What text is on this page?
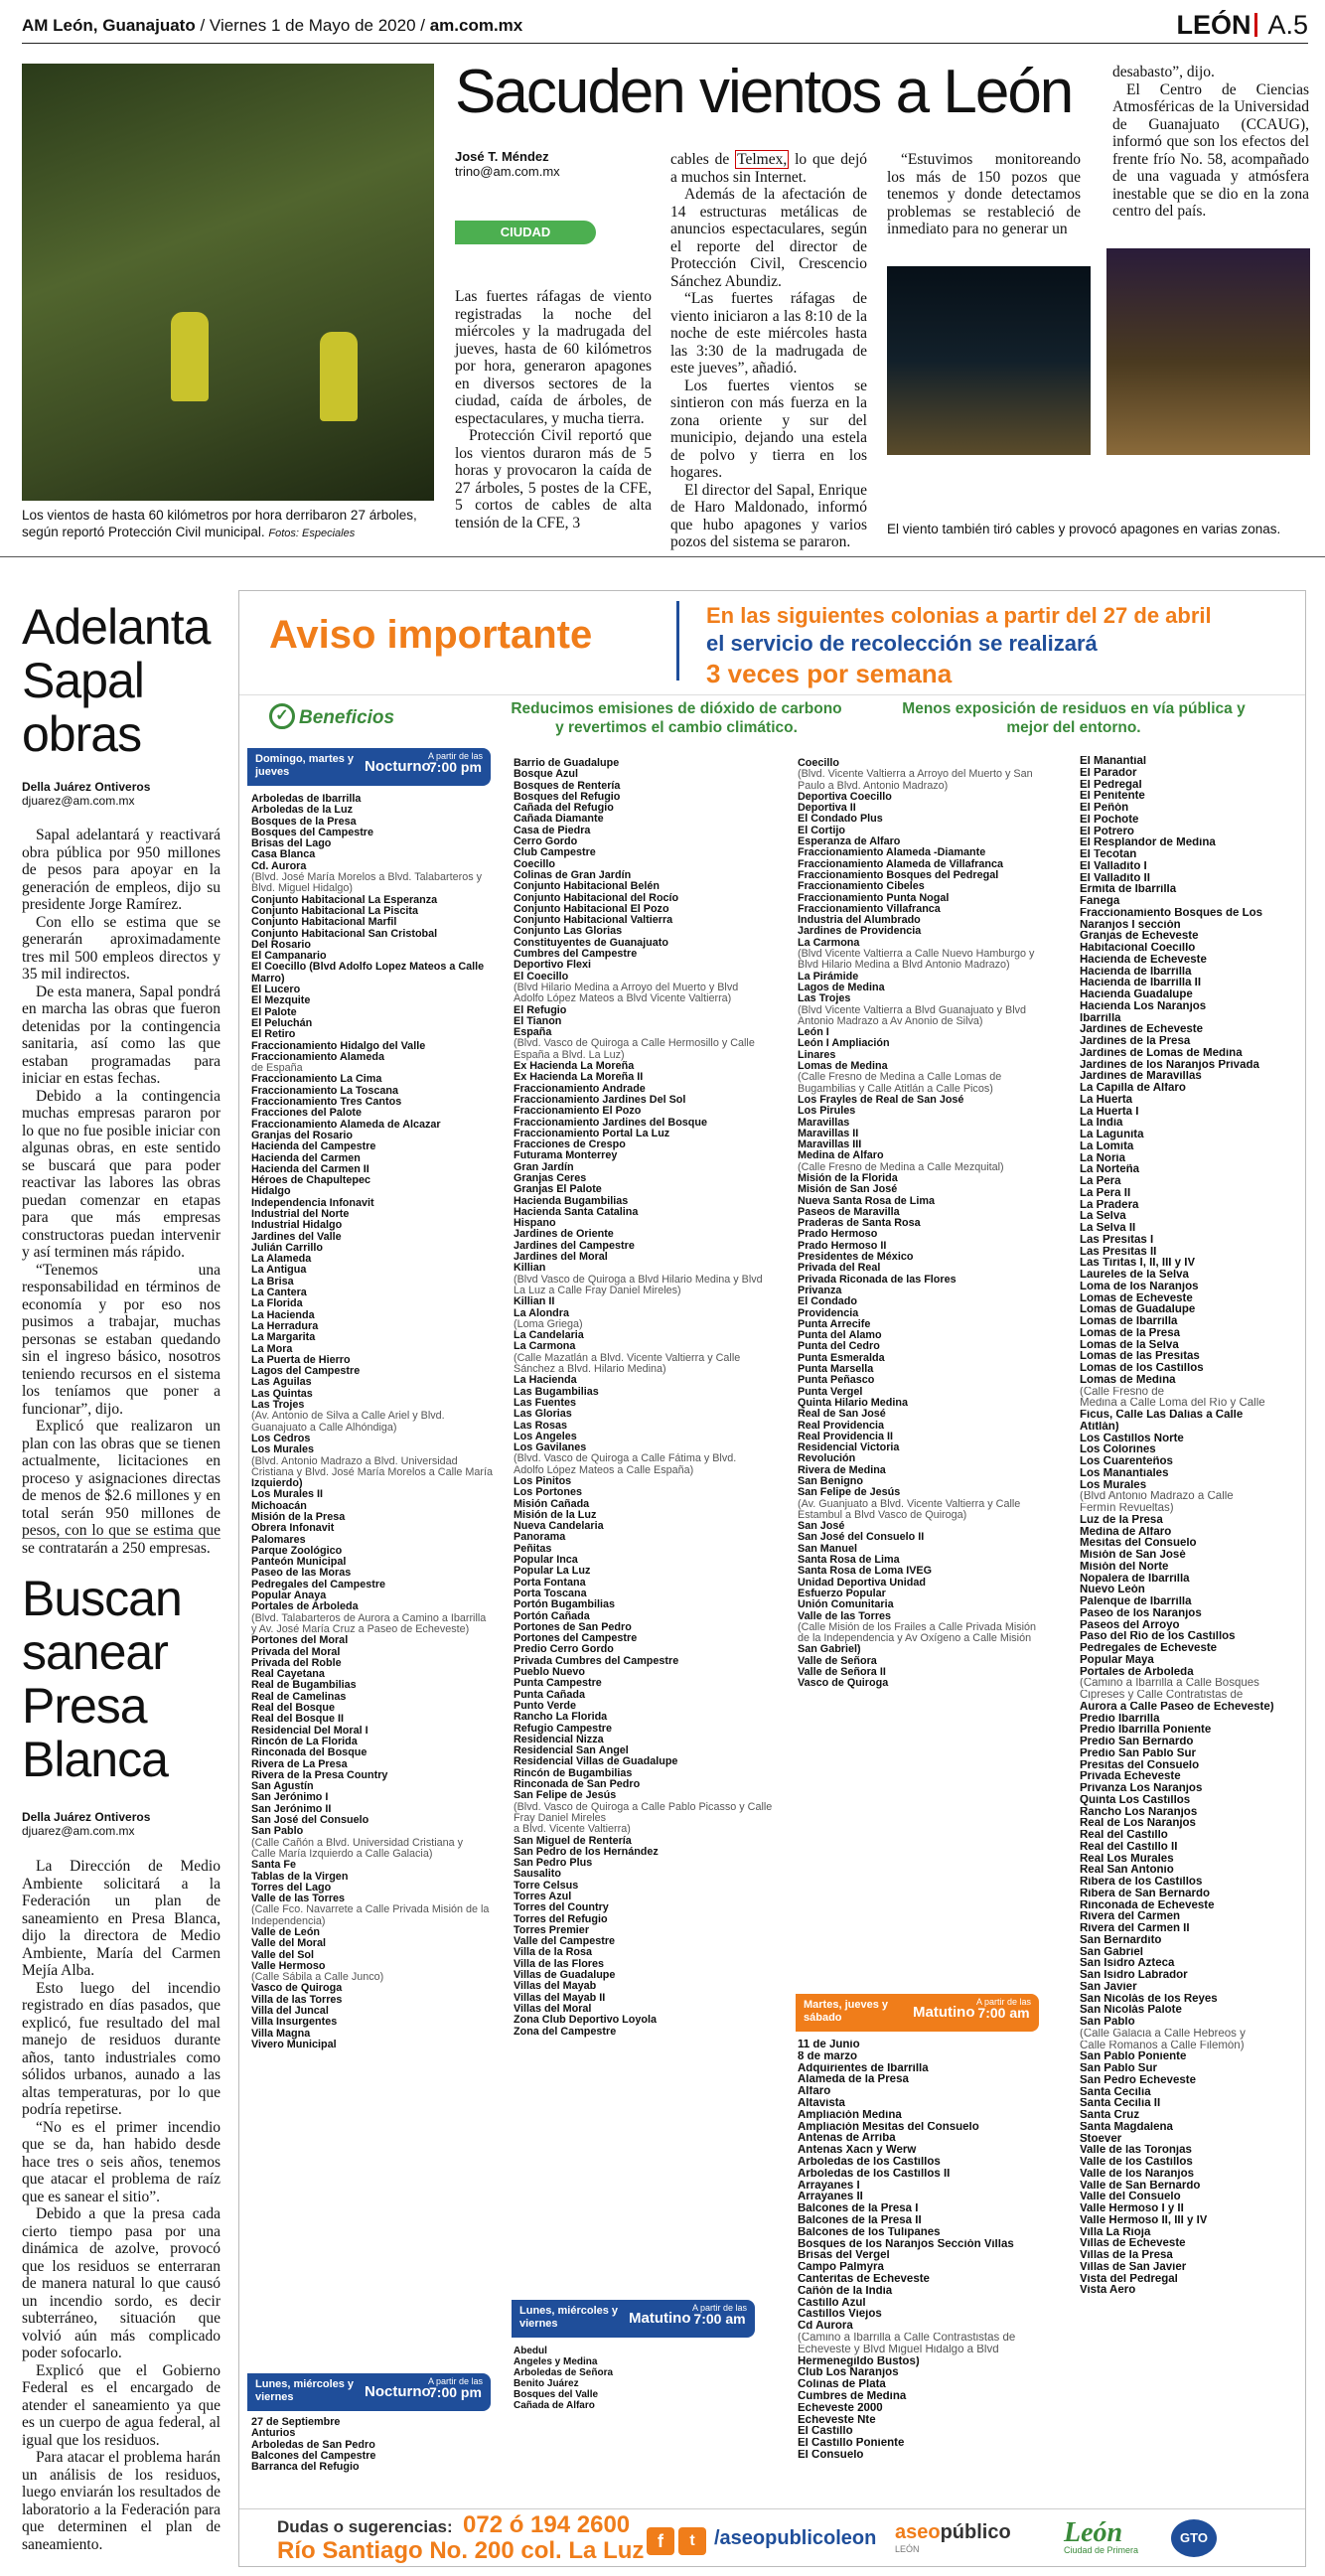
AM León, Guanajuato / Viernes 1 de Mayo de 2020 / am.com.mx	LEÓN A.5
Los vientos de hasta 60 kilómetros por hora derribaron 27 árboles, según reportó Protección Civil municipal. Fotos: Especiales
Sacuden vientos a León
José T. Méndez
trino@am.com.mx
CIUDAD

Las fuertes ráfagas de viento registradas la noche del miércoles y la madrugada del jueves, hasta de 60 kilómetros por hora, generaron apagones en diversos sectores de la ciudad, caída de árboles, de espectaculares, y mucha tierra.

Protección Civil reportó que los vientos duraron más de 5 horas y provocaron la caída de 27 árboles, 5 postes de la CFE, 5 cortos de cables de alta tensión de la CFE, 3

cables de Telmex, lo que dejó a muchos sin Internet.

Además de la afectación de 14 estructuras metálicas de anuncios espectaculares, según el reporte del director de Protección Civil, Crescencio Sánchez Abundiz.

“Las fuertes ráfagas de viento iniciaron a las 8:10 de la noche de este miércoles hasta las 3:30 de la madrugada de este jueves”, añadió.

Los fuertes vientos se sintieron con más fuerza en la zona oriente y sur del municipio, dejando una estela de polvo y tierra en los hogares.

El director del Sapal, Enrique de Haro Maldonado, informó que hubo apagones y varios pozos del sistema se pararon.

“Estuvimos monitoreando los más de 150 pozos que tenemos y donde detectamos problemas se restableció de inmediato para no generar un

desabasto”, dijo.

El Centro de Ciencias Atmosféricas de la Universidad de Guanajuato (CCAUG), informó que son los efectos del frente frío No. 58, acompañado de una vaguada y atmósfera inestable que se dio en la zona centro del país.

El viento también tiró cables y provocó apagones en varias zonas.
Adelanta Sapal obras
Della Juárez Ontiveros
djuarez@am.com.mx

Sapal adelantará y reactivará obra pública por 950 millones de pesos para apoyar en la generación de empleos, dijo su presidente Jorge Ramírez.

Con ello se estima que se generarán aproximadamente tres mil 500 empleos directos y 35 mil indirectos.

De esta manera, Sapal pondrá en marcha las obras que fueron detenidas por la contingencia sanitaria, así como las que estaban programadas para iniciar en estas fechas.

Debido a la contingencia muchas empresas pararon por lo que no fue posible iniciar con algunas obras, en este sentido se buscará que para poder reactivar las labores las obras puedan comenzar en etapas para que más empresas constructoras puedan intervenir y así terminen más rápido.

“Tenemos una responsabilidad en términos de economía y por eso nos pusimos a trabajar, muchas personas se estaban quedando sin el ingreso básico, nosotros teniendo recursos en el sistema los teníamos que poner a funcionar”, dijo.

Explicó que realizaron un plan con las obras que se tienen actualmente, licitaciones en proceso y asignaciones directas de menos de $2.6 millones y en total serán 950 millones de pesos, con lo que se estima que se contratarán a 250 empresas.

Buscan sanear Presa Blanca
Della Juárez Ontiveros
djuarez@am.com.mx

La Dirección de Medio Ambiente solicitará a la Federación un plan de saneamiento en Presa Blanca, dijo la directora de Medio Ambiente, María del Carmen Mejía Alba.

Esto luego del incendio registrado en días pasados, que explicó, fue resultado del mal manejo de residuos durante años, tanto industriales como sólidos urbanos, aunado a las altas temperaturas, por lo que podría repetirse.

“No es el primer incendio que se da, han habido desde hace tres o seis años, tenemos que atacar el problema de raíz que es sanear el sitio”.

Debido a que la presa cada cierto tiempo pasa por una dinámica de azolve, provocó que los residuos se enterraran de manera natural lo que causó un incendio sordo, es decir subterráneo, situación que volvió aún más complicado poder sofocarlo.

Explicó que el Gobierno Federal es el encargado de atender el saneamiento ya que es un cuerpo de agua federal, al igual que los residuos.

Para atacar el problema harán un análisis de los residuos, luego enviarán los resultados de laboratorio a la Federación para que determinen el plan de saneamiento.

Aviso importante	En las siguientes colonias a partir del 27 de abril
el servicio de recolección se realizará
3 veces por semana
✓ Beneficios	Reducimos emisiones de dióxido de carbono y revertimos el cambio climático.
Menos exposición de residuos en vía pública y mejor del entorno.
Domingo, martes y jueves	Nocturno
A partir de las
7:00 pm
Arboledas de Ibarrilla
Arboledas de la Luz
Bosques de la Presa
Bosques del Campestre
Brisas del Lago
Casa Blanca
Cd. Aurora
(Blvd. José María Morelos a Blvd. Talabarteros y
Blvd. Miguel Hidalgo)
Conjunto Habitacional La Esperanza
Conjunto Habitacional La Piscita
Conjunto Habitacional Marfil
Conjunto Habitacional San Cristobal
Del Rosario
El Campanario
El Coecillo (Blvd Adolfo Lopez Mateos a Calle
Marro)
El Lucero
El Mezquite
El Palote
El Peluchán
El Retiro
Fraccionamiento Hidalgo del Valle
Fraccionamiento Alameda
de España
Fraccionamiento La Cima
Fraccionamiento La Toscana
Fraccionamiento Tres Cantos
Fracciones del Palote
Fraccionamiento Alameda de Alcazar
Granjas del Rosario
Hacienda del Campestre
Hacienda del Carmen
Hacienda del Carmen II
Héroes de Chapultepec
Hidalgo
Independencia Infonavit
Industrial del Norte
Industrial Hidalgo
Jardines del Valle
Julián Carrillo
La Alameda
La Antigua
La Brisa
La Cantera
La Florida
La Hacienda
La Herradura
La Margarita
La Mora
La Puerta de Hierro
Lagos del Campestre
Las Águilas
Las Quintas
Las Trojes
(Av. Antonio de Silva a Calle Ariel y Blvd.
Guanajuato a Calle Alhóndiga)
Los Cedros
Los Murales
(Blvd. Antonio Madrazo a Blvd. Universidad
Cristiana y Blvd. José María Morelos a Calle María
Izquierdo)
Los Murales II
Michoacán
Misión de la Presa
Obrera Infonavit
Palomares
Parque Zoológico
Panteón Municipal
Paseo de las Moras
Pedregales del Campestre
Popular Anaya
Portales de Arboleda
(Blvd. Talabarteros de Aurora a Camino a Ibarrilla
y Av. José María Cruz a Paseo de Echeveste)
Portones del Moral
Privada del Moral
Privada del Roble
Real Cayetana
Real de Bugambilias
Real de Camelinas
Real del Bosque
Real del Bosque II
Residencial Del Moral I
Rincón de La Florida
Rinconada del Bosque
Rivera de La Presa
Rivera de la Presa Country
San Agustín
San Jerónimo I
San Jerónimo II
San José del Consuelo
San Pablo
(Calle Cañón a Blvd. Universidad Cristiana y
Calle María Izquierdo a Calle Galacia)
Santa Fe
Tablas de la Virgen
Torres del Lago
Valle de las Torres
(Calle Fco. Navarrete a Calle Privada Misión de la
Independencia)
Valle de León
Valle del Moral
Valle del Sol
Valle Hermoso
(Calle Sábila a Calle Junco)
Vasco de Quiroga
Villa de las Torres
Villa del Juncal
Villa Insurgentes
Villa Magna
Vivero Municipal
Lunes, miércoles y viernes	Nocturno
A partir de las
7:00 pm
27 de Septiembre
Anturios
Arboledas de San Pedro
Balcones del Campestre
Barranca del Refugio
Barrio de Guadalupe
Bosque Azul
Bosques de Rentería
Bosques del Refugio
Cañada del Refugio
Cañada Diamante
Casa de Piedra
Cerro Gordo
Club Campestre
Coecillo
Colinas de Gran Jardín
Conjunto Habitacional Belén
Conjunto Habitacional del Rocío
Conjunto Habitacional El Pozo
Conjunto Habitacional Valtierra
Conjunto Las Glorias
Constituyentes de Guanajuato
Cumbres del Campestre
Deportivo Flexi
El Coecillo
(Blvd Hilario Medina a Arroyo del Muerto y Blvd
Adolfo López Mateos a Blvd Vicente Valtierra)
El Refugio
El Tianon
España
(Blvd. Vasco de Quiroga a Calle Hermosillo y Calle
España a Blvd. La Luz)
Ex Hacienda La Moreña
Ex Hacienda La Moreña II
Fraccionamiento Andrade
Fraccionamiento Jardines Del Sol
Fraccionamiento El Pozo
Fraccionamiento Jardines del Bosque
Fraccionamiento Portal La Luz
Fracciones de Crespo
Futurama Monterrey
Gran Jardín
Granjas Ceres
Granjas El Palote
Hacienda Bugambilias
Hacienda Santa Catalina
Hispano
Jardines de Oriente
Jardines del Campestre
Jardines del Moral
Killian
(Blvd Vasco de Quiroga a Blvd Hilario Medina y Blvd
La Luz a Calle Fray Daniel Mireles)
Killian II
La Alondra
(Loma Griega)
La Candelaria
La Carmona
(Calle Mazatlán a Blvd. Vicente Valtierra y Calle
Sánchez a Blvd. Hilario Medina)
La Hacienda
Las Bugambilias
Las Fuentes
Las Glorias
Las Rosas
Los Angeles
Los Gavilanes
(Blvd. Vasco de Quiroga a Calle Fátima y Blvd.
Adolfo López Mateos a Calle España)
Los Pinitos
Los Portones
Misión Cañada
Misión de la Luz
Nueva Candelaria
Panorama
Peñitas
Popular Inca
Popular La Luz
Porta Fontana
Porta Toscana
Portón Bugambilias
Portón Cañada
Portones de San Pedro
Portones del Campestre
Predio Cerro Gordo
Privada Cumbres del Campestre
Pueblo Nuevo
Punta Campestre
Punta Cañada
Punto Verde
Rancho La Florida
Refugio Campestre
Residencial Nizza
Residencial San Ángel
Residencial Villas de Guadalupe
Rincón de Bugambilias
Rinconada de San Pedro
San Felipe de Jesús
(Blvd. Vasco de Quiroga a Calle Pablo Picasso y Calle
Fray Daniel Mireles
a Blvd. Vicente Valtierra)
San Miguel de Rentería
San Pedro de los Hernández
San Pedro Plus
Sausalito
Torre Celsus
Torres Azul
Torres del Country
Torres del Refugio
Torres Premier
Valle del Campestre
Villa de la Rosa
Villa de las Flores
Villas de Guadalupe
Villas del Mayab
Villas del Mayab II
Villas del Moral
Zona Club Deportivo Loyola
Zona del Campestre
Lunes, miércoles y viernes	Matutino
A partir de las
7:00 am
Abedul
Angeles y Medina
Arboledas de Señora
Benito Juárez
Bosques del Valle
Cañada de Alfaro
Coecillo
(Blvd. Vicente Valtierra a Arroyo del Muerto y San
Paulo a Blvd. Antonio Madrazo)
Deportiva Coecillo
Deportiva II
El Condado Plus
El Cortijo
Esperanza de Alfaro
Fraccionamiento Alameda -Diamante
Fraccionamiento Alameda de Villafranca
Fraccionamiento Bosques del Pedregal
Fraccionamiento Cibeles
Fraccionamiento Punta Nogal
Fraccionamiento Villafranca
Industria del Alumbrado
Jardines de Providencia
La Carmona
(Blvd Vicente Valtierra a Calle Nuevo Hamburgo y
Blvd Hilario Medina a Blvd Antonio Madrazo)
La Pirámide
Lagos de Medina
Las Trojes
(Blvd Vicente Valtierra a Blvd Guanajuato y Blvd
Antonio Madrazo a Av Anonio de Silva)
León I
León I Ampliación
Linares
Lomas de Medina
(Calle Fresno de Medina a Calle Lomas de
Bugambilias y Calle Atitlán a Calle Picos)
Los Frayles de Real de San José
Los Pirules
Maravillas
Maravillas II
Maravillas III
Medina de Alfaro
(Calle Fresno de Medina a Calle Mezquital)
Misión de la Florida
Misión de San José
Nueva Santa Rosa de Lima
Paseos de Maravilla
Praderas de Santa Rosa
Prado Hermoso
Prado Hermoso II
Presidentes de México
Privada del Real
Privada Riconada de las Flores
Privanza
El Condado
Providencia
Punta Arrecife
Punta del Álamo
Punta del Cedro
Punta Esmeralda
Punta Marsella
Punta Peñasco
Punta Vergel
Quinta Hilario Medina
Real de San José
Real Providencia
Real Providencia II
Residencial Victoria
Revolución
Rivera de Medina
San Benigno
San Felipe de Jesús
(Av. Guanjuato a Blvd. Vicente Valtierra y Calle
Estambul a Blvd Vasco de Quiroga)
San José
San José del Consuelo II
San Manuel
Santa Rosa de Lima
Santa Rosa de Loma IVEG
Unidad Deportiva Unidad
Esfuerzo Popular
Unión Comunitaria
Valle de las Torres
(Calle Misión de los Frailes a Calle Privada Misión
de la Independencia y Av Oxígeno a Calle Misión
San Gabriel)
Valle de Señora
Valle de Señora II
Vasco de Quiroga
Martes, jueves y sábado	Matutino
A partir de las
7:00 am
11 de Junio
8 de marzo
Adquirientes de Ibarrilla
Alameda de la Presa
Alfaro
Altavista
Ampliación Medina
Ampliación Mesitas del Consuelo
Antenas de Arriba
Antenas Xacn y Werw
Arboledas de los Castillos
Arboledas de los Castillos II
Arrayanes I
Arrayanes II
Balcones de la Presa I
Balcones de la Presa II
Balcones de los Tulipanes
Bosques de los Naranjos Sección Villas
Brisas del Vergel
Campo Palmyra
Canteritas de Echeveste
Cañón de la India
Castillo Azul
Castillos Viejos
Cd Aurora
(Camino a Ibarrilla a Calle Contrastistas de
Echeveste y Blvd Miguel Hidalgo a Blvd
Hermenegildo Bustos)
Club Los Naranjos
Colinas de Plata
Cumbres de Medina
Echeveste 2000
Echeveste Nte
El Castillo
El Castillo Poniente
El Consuelo
El Manantial
El Parador
El Pedregal
El Penitente
El Peñón
El Pochote
El Potrero
El Resplandor de Medina
El Tecotan
El Valladito I
El Valladito II
Ermita de Ibarrilla
Fanega
Fraccionamiento Bosques de Los
Naranjos I sección
Granjas de Echeveste
Habitacional Coecillo
Hacienda de Echeveste
Hacienda de Ibarrilla
Hacienda de Ibarrilla II
Hacienda Guadalupe
Hacienda Los Naranjos
Ibarrilla
Jardines de Echeveste
Jardines de la Presa
Jardines de Lomas de Medina
Jardines de los Naranjos Privada
Jardines de Maravillas
La Capilla de Alfaro
La Huerta
La Huerta I
La India
La Lagunita
La Lomita
La Noria
La Norteña
La Pera
La Pera II
La Pradera
La Selva
La Selva II
Las Presitas I
Las Presitas II
Las Tiritas I, II, III y IV
Laureles de la Selva
Loma de los Naranjos
Lomas de Echeveste
Lomas de Guadalupe
Lomas de Ibarrilla
Lomas de la Presa
Lomas de la Selva
Lomas de las Presitas
Lomas de los Castillos
Lomas de Medina
(Calle Fresno de
Medina a Calle Loma del Río y Calle
Ficus, Calle Las Dalias a Calle
Atitlán)
Los Castillos Norte
Los Colorines
Los Cuarenteños
Los Manantiales
Los Murales
(Blvd Antonio Madrazo a Calle
Fermín Revueltas)
Luz de la Presa
Medina de Alfaro
Mesitas del Consuelo
Misión de San José
Misión del Norte
Nopalera de Ibarrilla
Nuevo León
Palenque de Ibarrilla
Paseo de los Naranjos
Paseos del Arroyo
Paso del Río de los Castillos
Pedregales de Echeveste
Popular Maya
Portales de Arboleda
(Camino a Ibarrilla a Calle Bosques
Cipreses y Calle Contratistas de
Aurora a Calle Paseo de Echeveste)
Predio Ibarrilla
Predio Ibarrilla Poniente
Predio San Bernardo
Predio San Pablo Sur
Presitas del Consuelo
Privada Echeveste
Privanza Los Naranjos
Quinta Los Castillos
Rancho Los Naranjos
Real de Los Naranjos
Real del Castillo
Real del Castillo II
Real Los Murales
Real San Antonio
Ribera de los Castillos
Ribera de San Bernardo
Rinconada de Echeveste
Rivera del Carmen
Rivera del Carmen II
San Bernardito
San Gabriel
San Isidro Azteca
San Isidro Labrador
San Javier
San Nicolás de los Reyes
San Nicolás Palote
San Pablo
(Calle Galacia a Calle Hebreos y
Calle Romanos a Calle Filemón)
San Pablo Poniente
San Pablo Sur
San Pedro Echeveste
Santa Cecilia
Santa Cecilia II
Santa Cruz
Santa Magdalena
Stoever
Valle de las Toronjas
Valle de los Castillos
Valle de los Naranjos
Valle de San Bernardo
Valle del Consuelo
Valle Hermoso I y II
Valle Hermoso II, III y IV
Villa La Rioja
Villas de Echeveste
Villas de la Presa
Villas de San Javier
Vista del Pedregal
Vista Aero
Dudas o sugerencias: 072 ó 194 2600
Río Santiago No. 200 col. La Luz f	t /aseopublicoleon aseopúblico
LEÓN
León
Ciudad de Primera
GTO
